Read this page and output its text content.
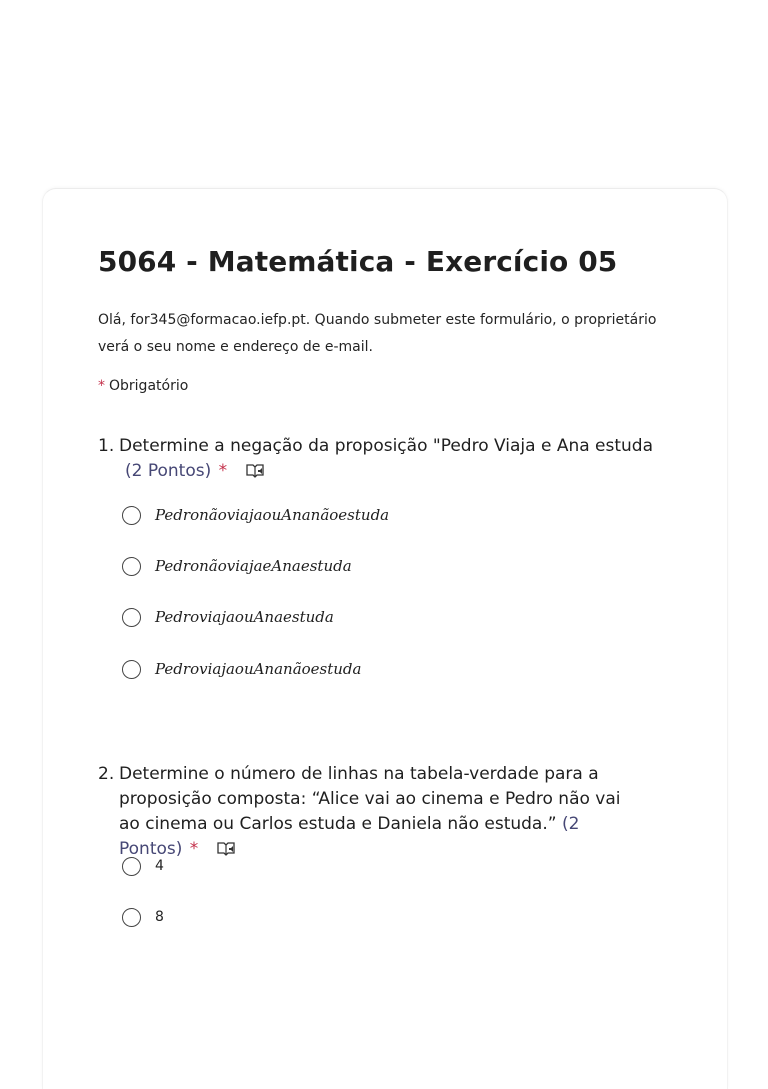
5064 - Matemática - Exercício 05
Olá, for345@formacao.iefp.pt. Quando submeter este formulário, o proprietário verá o seu nome e endereço de e-mail.
* Obrigatório
1. Determine a negação da proposição "Pedro Viaja e Ana estuda
(2 Pontos) *
PedronãoviajaouAnanãoestuda
PedronãoviajaeAnaestuda
PedroviajaouAnaestuda
PedroviajaouAnanãoestuda
2. Determine o número de linhas na tabela-verdade para a proposição composta: “Alice vai ao cinema e Pedro não vai ao cinema ou Carlos estuda e Daniela não estuda.” (2 Pontos) *
4
8
